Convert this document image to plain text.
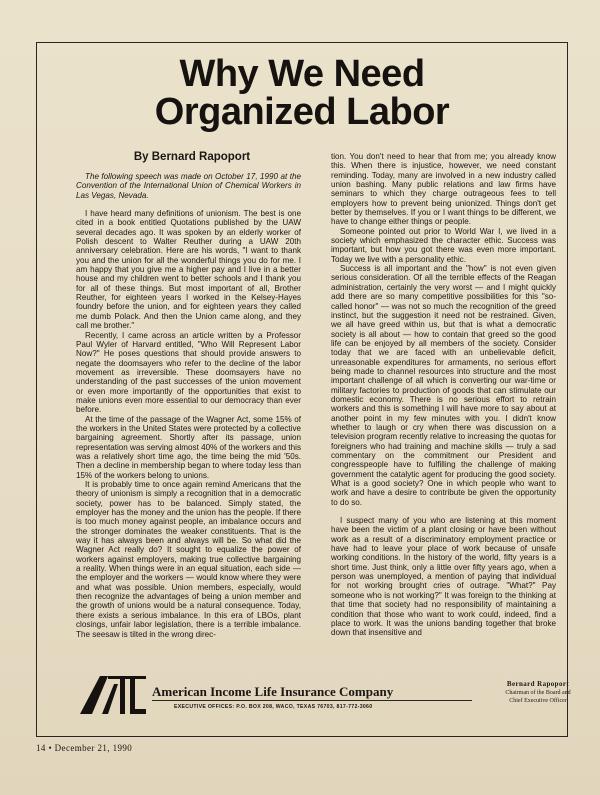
Why We Need
Organized Labor

By Bernard Rapoport

The following speech was made on October 17, 1990 at the Convention of the International Union of Chemical Workers in Las Vegas, Nevada.

I have heard many definitions of unionism. The best is one cited in a book entitled Quotations published by the UAW several decades ago. It was spoken by an elderly worker of Polish descent to Walter Reuther during a UAW 20th anniversary celebration. Here are his words, "I want to thank you and the union for all the wonderful things you do for me. I am happy that you give me a higher pay and I live in a better house and my children went to better schools and I thank you for all of these things. But most important of all, Brother Reuther, for eighteen years I worked in the Kelsey-Hayes foundry before the union, and for eighteen years they called me dumb Polack. And then the Union came along, and they call me brother."

Recently, I came across an article written by a Professor Paul Wyler of Harvard entitled, "Who Will Represent Labor Now?" He poses questions that should provide answers to negate the doomsayers who refer to the decline of the labor movement as irreversible. These doomsayers have no understanding of the past successes of the union movement or even more importantly of the opportunities that exist to make unions even more essential to our democracy than ever before.

At the time of the passage of the Wagner Act, some 15% of the workers in the United States were protected by a collective bargaining agreement. Shortly after its passage, union representation was serving almost 40% of the workers and this was a relatively short time ago, the time being the mid '50s. Then a decline in membership began to where today less than 15% of the workers belong to unions.

It is probably time to once again remind Americans that the theory of unionism is simply a recognition that in a democratic society, power has to be balanced. Simply stated, the employer has the money and the union has the people. If there is too much money against people, an imbalance occurs and the stronger dominates the weaker constituents. That is the way it has always been and always will be. So what did the Wagner Act really do? It sought to equalize the power of workers against employers, making true collective bargaining a reality. When things were in an equal situation, each side — the employer and the workers — would know where they were and what was possible. Union members, especially, would then recognize the advantages of being a union member and the growth of unions would be a natural consequence. Today, there exists a serious imbalance. In this era of LBOs, plant closings, unfair labor legislation, there is a terrible imbalance. The seesaw is tilted in the wrong direc-

tion. You don't need to hear that from me; you already know this. When there is injustice, however, we need constant reminding. Today, many are involved in a new industry called union bashing. Many public relations and law firms have seminars to which they charge outrageous fees to tell employers how to prevent being unionized. Things don't get better by themselves. If you or I want things to be different, we have to change either things or people.

Someone pointed out prior to World War I, we lived in a society which emphasized the character ethic. Success was important, but how you got there was even more important. Today we live with a personality ethic.

Success is all important and the "how" is not even given serious consideration. Of all the terrible effects of the Reagan administration, certainly the very worst — and I might quickly add there are so many competitive possibilities for this "so-called honor" — was not so much the recognition of the greed instinct, but the suggestion it need not be restrained. Given, we all have greed within us, but that is what a democratic society is all about — how to contain that greed so the good life can be enjoyed by all members of the society. Consider today that we are faced with an unbelievable deficit, unreasonable expenditures for armaments, no serious effort being made to channel resources into structure and the most important challenge of all which is converting our war-time or military factories to production of goods that can stimulate our domestic economy. There is no serious effort to retrain workers and this is something I will have more to say about at another point in my few minutes with you. I didn't know whether to laugh or cry when there was discussion on a television program recently relative to increasing the quotas for foreigners who had training and machine skills — truly a sad commentary on the commitment our President and congresspeople have to fulfilling the challenge of making government the catalytic agent for producing the good society. What is a good society? One in which people who want to work and have a desire to contribute be given the opportunity to do so.

I suspect many of you who are listening at this moment have been the victim of a plant closing or have been without work as a result of a discriminatory employment practice or have had to leave your place of work because of unsafe working conditions. In the history of the world, fifty years is a short time. Just think, only a little over fifty years ago, when a person was unemployed, a mention of paying that individual for not working brought cries of outrage. "What?" Pay someone who is not working?" It was foreign to the thinking at that time that society had no responsibility of maintaining a condition that those who want to work could, indeed, find a place to work. It was the unions banding together that broke down that insensitive and

American Income Life Insurance Company
EXECUTIVE OFFICES: P.O. BOX 208, WACO, TEXAS 76703, 817-772-3060
Bernard Rapoport
Chairman of the Board and
Chief Executive Officer
14 • December 21, 1990
